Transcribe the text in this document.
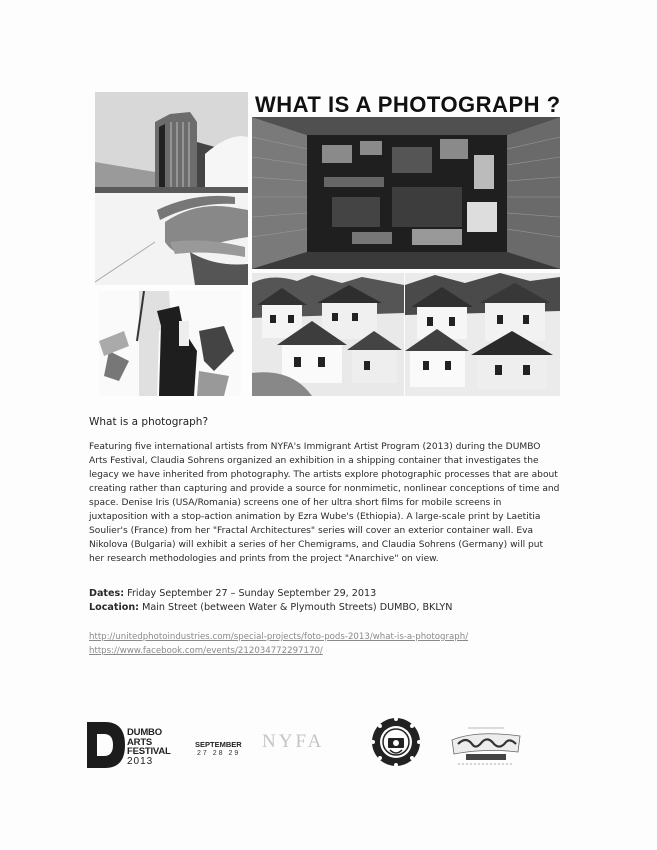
WHAT IS A PHOTOGRAPH ?
What is a photograph?
Featuring five international artists from NYFA's Immigrant Artist Program (2013) during the DUMBO Arts Festival, Claudia Sohrens organized an exhibition in a shipping container that investigates the legacy we have inherited from photography. The artists explore photographic processes that are about creating rather than capturing and provide a source for nonmimetic, nonlinear conceptions of time and space. Denise Iris (USA/Romania) screens one of her ultra short films for mobile screens in juxtaposition with a stop-action animation by Ezra Wube's (Ethiopia). A large-scale print by Laetitia Soulier's (France) from her "Fractal Architectures" series will cover an exterior container wall. Eva Nikolova (Bulgaria) will exhibit a series of her Chemigrams, and Claudia Sohrens (Germany) will put her research methodologies and prints from the project "Anarchive" on view.
Dates: Friday September 27 – Sunday September 29, 2013
Location: Main Street (between Water & Plymouth Streets) DUMBO, BKLYN
http://unitedphotoindustries.com/special-projects/foto-pods-2013/what-is-a-photograph/
https://www.facebook.com/events/212034772297170/
DUMBO
ARTS
FESTIVAL
2013
SEPTEMBER
27 28 29
NYFA
